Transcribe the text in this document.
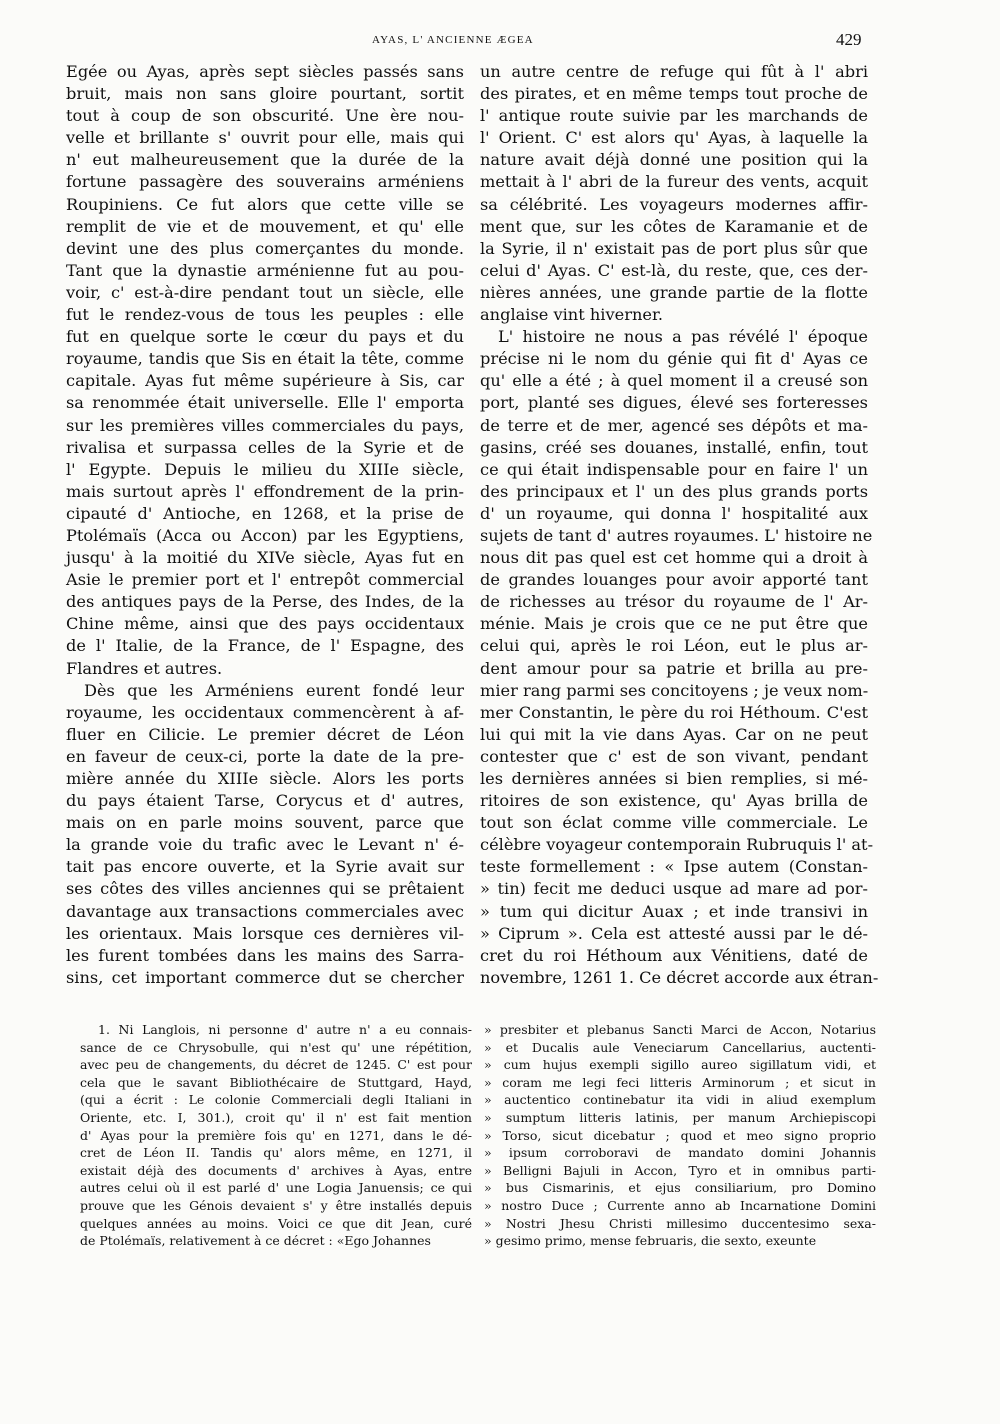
AYAS, L' ANCIENNE ÆGEA	429
Egée ou Ayas, après sept siècles passés sans
bruit, mais non sans gloire pourtant, sortit
tout à coup de son obscurité. Une ère nou-
velle et brillante s' ouvrit pour elle, mais qui
n' eut malheureusement que la durée de la
fortune passagère des souverains arméniens
Roupiniens. Ce fut alors que cette ville se
remplit de vie et de mouvement, et qu' elle
devint une des plus comerçantes du monde.
Tant que la dynastie arménienne fut au pou-
voir, c' est-à-dire pendant tout un siècle, elle
fut le rendez-vous de tous les peuples : elle
fut en quelque sorte le cœur du pays et du
royaume, tandis que Sis en était la tête, comme
capitale. Ayas fut même supérieure à Sis, car
sa renommée était universelle. Elle l' emporta
sur les premières villes commerciales du pays,
rivalisa et surpassa celles de la Syrie et de
l' Egypte. Depuis le milieu du XIIIe siècle,
mais surtout après l' effondrement de la prin-
cipauté d' Antioche, en 1268, et la prise de
Ptolémaïs (Acca ou Accon) par les Egyptiens,
jusqu' à la moitié du XIVe siècle, Ayas fut en
Asie le premier port et l' entrepôt commercial
des antiques pays de la Perse, des Indes, de la
Chine même, ainsi que des pays occidentaux
de l' Italie, de la France, de l' Espagne, des
Flandres et autres.
Dès que les Arméniens eurent fondé leur
royaume, les occidentaux commencèrent à af-
fluer en Cilicie. Le premier décret de Léon
en faveur de ceux-ci, porte la date de la pre-
mière année du XIIIe siècle. Alors les ports
du pays étaient Tarse, Corycus et d' autres,
mais on en parle moins souvent, parce que
la grande voie du trafic avec le Levant n' é-
tait pas encore ouverte, et la Syrie avait sur
ses côtes des villes anciennes qui se prêtaient
davantage aux transactions commerciales avec
les orientaux. Mais lorsque ces dernières vil-
les furent tombées dans les mains des Sarra-
sins, cet important commerce dut se chercher
un autre centre de refuge qui fût à l' abri
des pirates, et en même temps tout proche de
l' antique route suivie par les marchands de
l' Orient. C' est alors qu' Ayas, à laquelle la
nature avait déjà donné une position qui la
mettait à l' abri de la fureur des vents, acquit
sa célébrité. Les voyageurs modernes affir-
ment que, sur les côtes de Karamanie et de
la Syrie, il n' existait pas de port plus sûr que
celui d' Ayas. C' est-là, du reste, que, ces der-
nières années, une grande partie de la flotte
anglaise vint hiverner.
L' histoire ne nous a pas révélé l' époque
précise ni le nom du génie qui fit d' Ayas ce
qu' elle a été ; à quel moment il a creusé son
port, planté ses digues, élevé ses forteresses
de terre et de mer, agencé ses dépôts et ma-
gasins, créé ses douanes, installé, enfin, tout
ce qui était indispensable pour en faire l' un
des principaux et l' un des plus grands ports
d' un royaume, qui donna l' hospitalité aux
sujets de tant d' autres royaumes. L' histoire ne
nous dit pas quel est cet homme qui a droit à
de grandes louanges pour avoir apporté tant
de richesses au trésor du royaume de l' Ar-
ménie. Mais je crois que ce ne put être que
celui qui, après le roi Léon, eut le plus ar-
dent amour pour sa patrie et brilla au pre-
mier rang parmi ses concitoyens ; je veux nom-
mer Constantin, le père du roi Héthoum. C'est
lui qui mit la vie dans Ayas. Car on ne peut
contester que c' est de son vivant, pendant
les dernières années si bien remplies, si mé-
ritoires de son existence, qu' Ayas brilla de
tout son éclat comme ville commerciale. Le
célèbre voyageur contemporain Rubruquis l' at-
teste formellement : « Ipse autem (Constan-
» tin) fecit me deduci usque ad mare ad por-
» tum qui dicitur Auax ; et inde transivi in
» Ciprum ». Cela est attesté aussi par le dé-
cret du roi Héthoum aux Vénitiens, daté de
novembre, 1261 1. Ce décret accorde aux étran-
1. Ni Langlois, ni personne d' autre n' a eu connais-
sance de ce Chrysobulle, qui n'est qu' une répétition,
avec peu de changements, du décret de 1245. C' est pour
cela que le savant Bibliothécaire de Stuttgard, Hayd,
(qui a écrit : Le colonie Commerciali degli Italiani in
Oriente, etc. I, 301.), croit qu' il n' est fait mention
d' Ayas pour la première fois qu' en 1271, dans le dé-
cret de Léon II. Tandis qu' alors même, en 1271, il
existait déjà des documents d' archives à Ayas, entre
autres celui où il est parlé d' une Logia Januensis; ce qui
prouve que les Génois devaient s' y être installés depuis
quelques années au moins. Voici ce que dit Jean, curé
de Ptolémaïs, relativement à ce décret : «Ego Johannes
» presbiter et plebanus Sancti Marci de Accon, Notarius
» et Ducalis aule Veneciarum Cancellarius, auctenti-
» cum hujus exempli sigillo aureo sigillatum vidi, et
» coram me legi feci litteris Arminorum ; et sicut in
» auctentico continebatur ita vidi in aliud exemplum
» sumptum litteris latinis, per manum Archiepiscopi
» Torso, sicut dicebatur ; quod et meo signo proprio
» ipsum corroboravi de mandato domini Johannis
» Belligni Bajuli in Accon, Tyro et in omnibus parti-
» bus Cismarinis, et ejus consiliarium, pro Domino
» nostro Duce ; Currente anno ab Incarnatione Domini
» Nostri Jhesu Christi millesimo duccentesimo sexa-
» gesimo primo, mense februaris, die sexto, exeunte
